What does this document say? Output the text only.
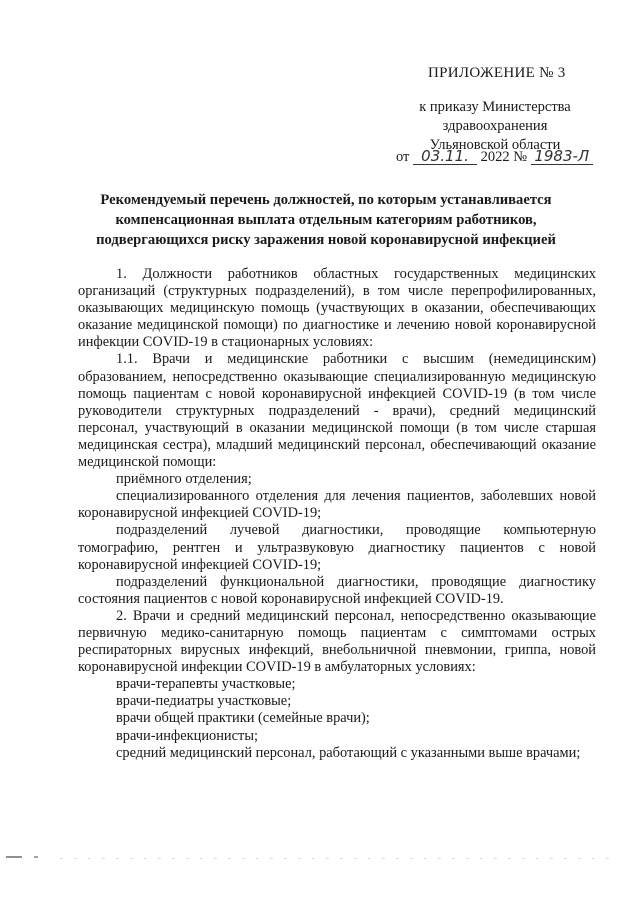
ПРИЛОЖЕНИЕ № 3
к приказу Министерства
здравоохранения
Ульяновской области
от 03.11. 2022 № 1983-Л
Рекомендуемый перечень должностей, по которым устанавливается
компенсационная выплата отдельным категориям работников,
подвергающихся риску заражения новой коронавирусной инфекцией

1. Должности работников областных государственных медицинских организаций (структурных подразделений), в том числе перепрофилированных, оказывающих медицинскую помощь (участвующих в оказании, обеспечивающих оказание медицинской помощи) по диагностике и лечению новой коронавирусной инфекции COVID-19 в стационарных условиях:

1.1. Врачи и медицинские работники с высшим (немедицинским) образованием, непосредственно оказывающие специализированную медицинскую помощь пациентам с новой коронавирусной инфекцией COVID-19 (в том числе руководители структурных подразделений - врачи), средний медицинский персонал, участвующий в оказании медицинской помощи (в том числе старшая медицинская сестра), младший медицинский персонал, обеспечивающий оказание медицинской помощи:

приёмного отделения;

специализированного отделения для лечения пациентов, заболевших новой коронавирусной инфекцией COVID-19;

подразделений лучевой диагностики, проводящие компьютерную томографию, рентген и ультразвуковую диагностику пациентов с новой коронавирусной инфекцией COVID-19;

подразделений функциональной диагностики, проводящие диагностику состояния пациентов с новой коронавирусной инфекцией COVID-19.

2. Врачи и средний медицинский персонал, непосредственно оказывающие первичную медико-санитарную помощь пациентам с симптомами острых респираторных вирусных инфекций, внебольничной пневмонии, гриппа, новой коронавирусной инфекции COVID-19 в амбулаторных условиях:

врачи-терапевты участковые;

врачи-педиатры участковые;

врачи общей практики (семейные врачи);

врачи-инфекционисты;

средний медицинский персонал, работающий с указанными выше врачами;
